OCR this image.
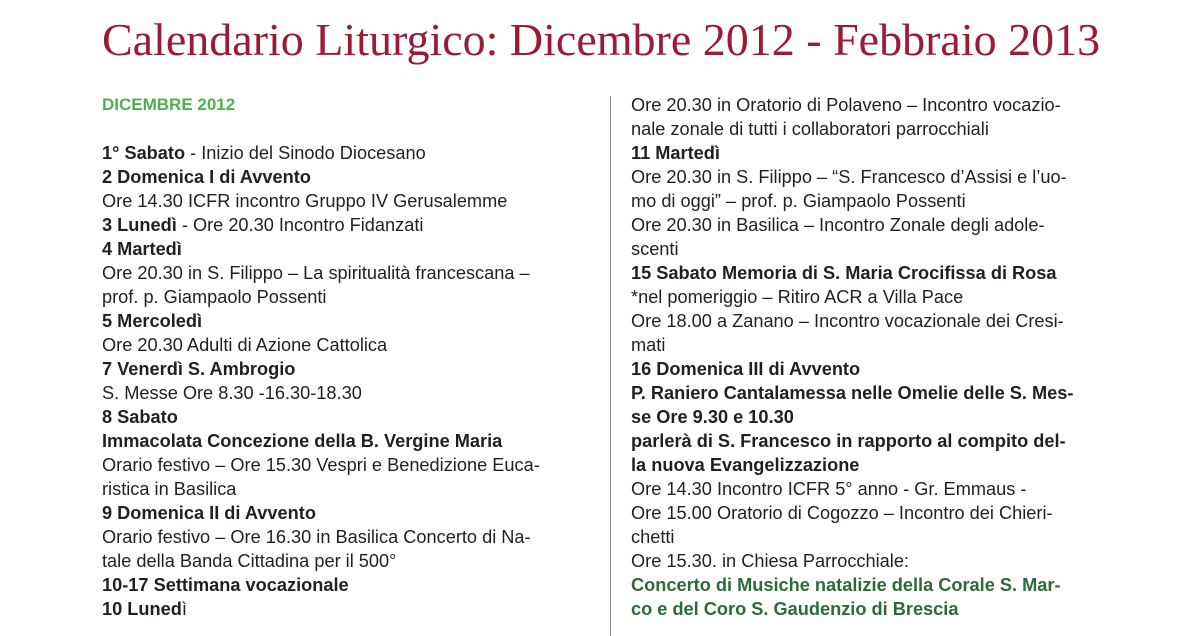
Calendario Liturgico: Dicembre 2012 - Febbraio 2013
DICEMBRE 2012
1° Sabato - Inizio del Sinodo Diocesano
2 Domenica I di Avvento
Ore 14.30 ICFR incontro Gruppo IV Gerusalemme
3 Lunedì - Ore 20.30 Incontro Fidanzati
4 Martedì
Ore 20.30 in S. Filippo – La spiritualità francescana –
prof. p. Giampaolo Possenti
5 Mercoledì
Ore 20.30 Adulti di Azione Cattolica
7 Venerdì S. Ambrogio
S. Messe Ore 8.30 -16.30-18.30
8 Sabato
Immacolata Concezione della B. Vergine Maria
Orario festivo – Ore 15.30 Vespri e Benedizione Euca-
ristica in Basilica
9 Domenica II di Avvento
Orario festivo – Ore 16.30 in Basilica Concerto di Na-
tale della Banda Cittadina per il 500°
10-17 Settimana vocazionale
10 Lunedì
Ore 20.30 in Oratorio di Polaveno – Incontro vocazio-
nale zonale di tutti i collaboratori parrocchiali
11 Martedì
Ore 20.30 in S. Filippo – “S. Francesco d’Assisi e l’uo-
mo di oggi” – prof. p. Giampaolo Possenti
Ore 20.30 in Basilica – Incontro Zonale degli adole-
scenti
15 Sabato Memoria di S. Maria Crocifissa di Rosa
*nel pomeriggio – Ritiro ACR a Villa Pace
Ore 18.00 a Zanano – Incontro vocazionale dei Cresi-
mati
16 Domenica III di Avvento
P. Raniero Cantalamessa nelle Omelie delle S. Mes-
se Ore 9.30 e 10.30
parlerà di S. Francesco in rapporto al compito del-
la nuova Evangelizzazione
Ore 14.30 Incontro ICFR 5° anno - Gr. Emmaus -
Ore 15.00 Oratorio di Cogozzo – Incontro dei Chieri-
chetti
Ore 15.30. in Chiesa Parrocchiale:
Concerto di Musiche natalizie della Corale S. Mar-
co e del Coro S. Gaudenzio di Brescia
